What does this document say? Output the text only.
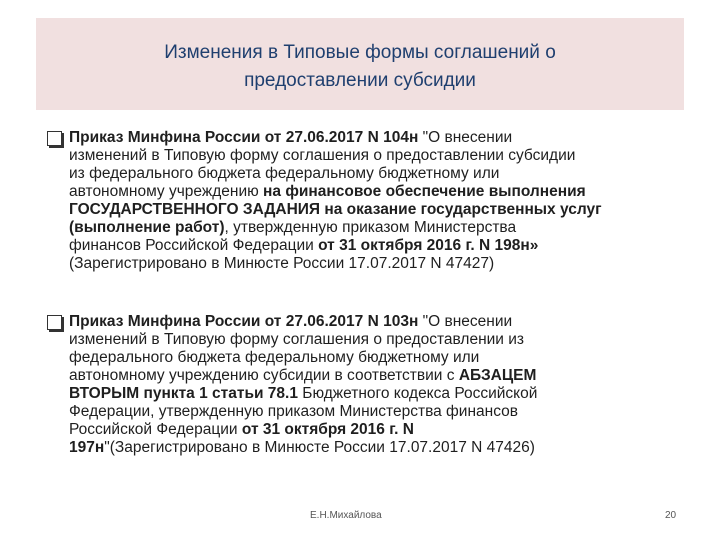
Изменения в Типовые формы соглашений о
предоставлении субсидии
Приказ Минфина России от 27.06.2017 N 104н "О внесении
изменений в Типовую форму соглашения о предоставлении субсидии
из федерального бюджета федеральному бюджетному или
автономному учреждению на финансовое обеспечение выполнения
ГОСУДАРСТВЕННОГО ЗАДАНИЯ на оказание государственных услуг
(выполнение работ), утвержденную приказом Министерства
финансов Российской Федерации от 31 октября 2016 г. N 198н»
(Зарегистрировано в Минюсте России 17.07.2017 N 47427)
Приказ Минфина России от 27.06.2017 N 103н "О внесении
изменений в Типовую форму соглашения о предоставлении из
федерального бюджета федеральному бюджетному или
автономному учреждению субсидии в соответствии с АБЗАЦЕМ
ВТОРЫМ пункта 1 статьи 78.1 Бюджетного кодекса Российской
Федерации, утвержденную приказом Министерства финансов
Российской Федерации от 31 октября 2016 г. N
197н"(Зарегистрировано в Минюсте России 17.07.2017 N 47426)
Е.Н.Михайлова	20
